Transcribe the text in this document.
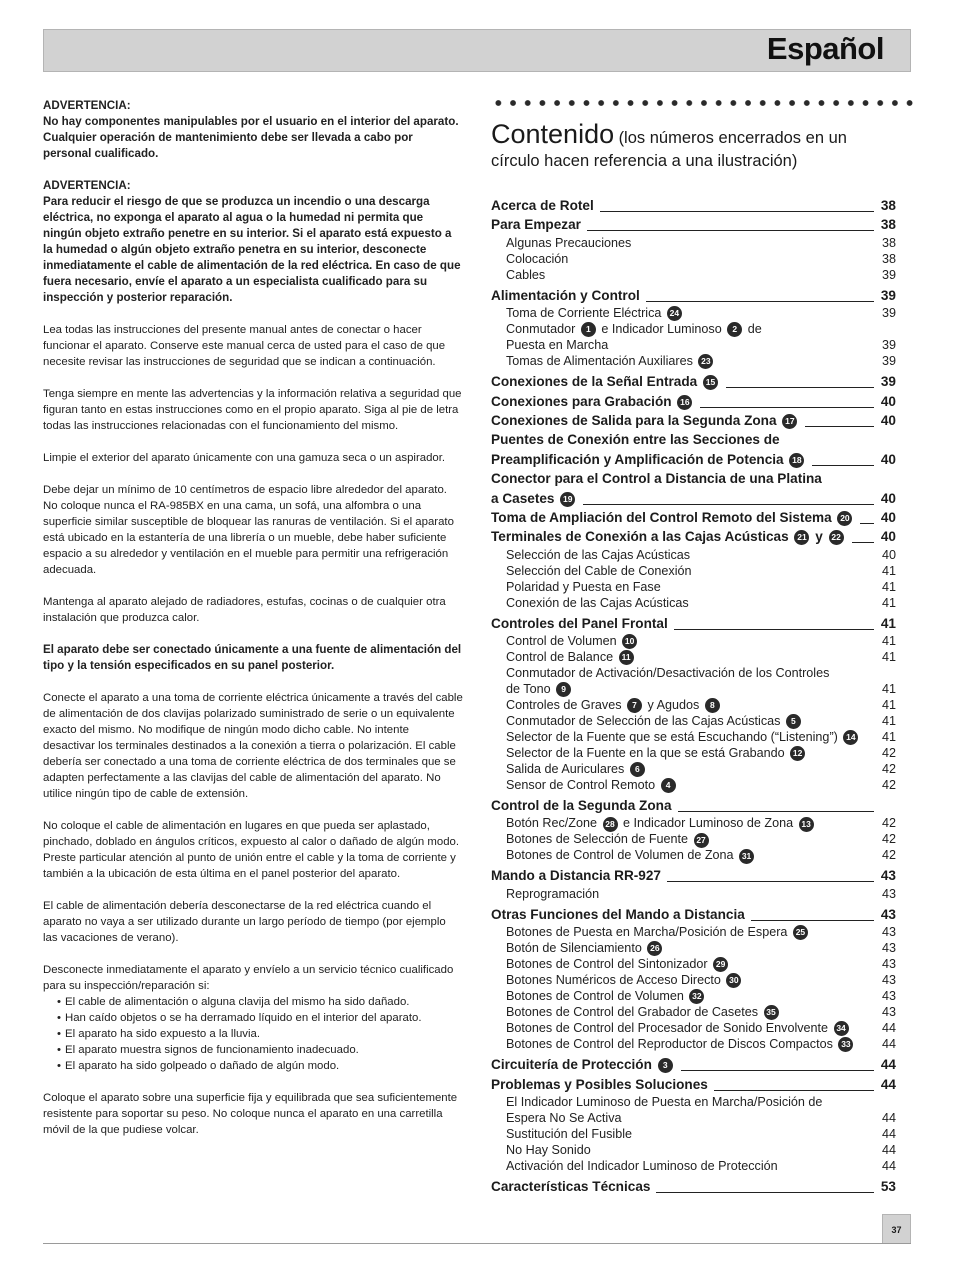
Español

ADVERTENCIA:
No hay componentes manipulables por el usuario en el interior del aparato. Cualquier operación de mantenimiento debe ser llevada a cabo por personal cualificado.

ADVERTENCIA:
Para reducir el riesgo de que se produzca un incendio o una descarga eléctrica, no exponga el aparato al agua o la humedad ni permita que ningún objeto extraño penetre en su interior. Si el aparato está expuesto a la humedad o algún objeto extraño penetra en su interior, desconecte inmediatamente el cable de alimentación de la red eléctrica. En caso de que fuera necesario, envíe el aparato a un especialista cualificado para su inspección y posterior reparación.

Lea todas las instrucciones del presente manual antes de conectar o hacer funcionar el aparato. Conserve este manual cerca de usted para el caso de que necesite revisar las instrucciones de seguridad que se indican a continuación.

Tenga siempre en mente las advertencias y la información relativa a seguridad que figuran tanto en estas instrucciones como en el propio aparato. Siga al pie de letra todas las instrucciones relacionadas con el funcionamiento del mismo.

Limpie el exterior del aparato únicamente con una gamuza seca o un aspirador.

Debe dejar un mínimo de 10 centímetros de espacio libre alrededor del aparato. No coloque nunca el RA-985BX en una cama, un sofá, una alfombra o una superficie similar susceptible de bloquear las ranuras de ventilación. Si el aparato está ubicado en la estantería de una librería o un mueble, debe haber suficiente espacio a su alrededor y ventilación en el mueble para permitir una refrigeración adecuada.

Mantenga al aparato alejado de radiadores, estufas, cocinas o de cualquier otra instalación que produzca calor.

El aparato debe ser conectado únicamente a una fuente de alimentación del tipo y la tensión especificados en su panel posterior.

Conecte el aparato a una toma de corriente eléctrica únicamente a través del cable de alimentación de dos clavijas polarizado suministrado de serie o un equivalente exacto del mismo. No modifique de ningún modo dicho cable. No intente desactivar los terminales destinados a la conexión a tierra o polarización. El cable debería ser conectado a una toma de corriente eléctrica de dos terminales que se adapten perfectamente a las clavijas del cable de alimentación del aparato. No utilice ningún tipo de cable de extensión.

No coloque el cable de alimentación en lugares en que pueda ser aplastado, pinchado, doblado en ángulos críticos, expuesto al calor o dañado de algún modo. Preste particular atención al punto de unión entre el cable y la toma de corriente y también a la ubicación de esta última en el panel posterior del aparato.

El cable de alimentación debería desconectarse de la red eléctrica cuando el aparato no vaya a ser utilizado durante un largo período de tiempo (por ejemplo las vacaciones de verano).

Desconecte inmediatamente el aparato y envíelo a un servicio técnico cualificado para su inspección/reparación si:
• El cable de alimentación o alguna clavija del mismo ha sido dañado.
• Han caído objetos o se ha derramado líquido en el interior del aparato.
• El aparato ha sido expuesto a la lluvia.
• El aparato muestra signos de funcionamiento inadecuado.
• El aparato ha sido golpeado o dañado de algún modo.

Coloque el aparato sobre una superficie fija y equilibrada que sea suficientemente resistente para soportar su peso. No coloque nunca el aparato en una carretilla móvil de la que pudiese volcar.

Contenido (los números encerrados en un círculo hacen referencia a una ilustración)
Acerca de Rotel	38
Para Empezar	38
Algunas Precauciones	38
Colocación	38
Cables	39
Alimentación y Control	39
Toma de Corriente Eléctrica 24	39
Conmutador 1 e Indicador Luminoso 2 de
Puesta en Marcha	39
Tomas de Alimentación Auxiliares 23	39
Conexiones de la Señal Entrada 15	39
Conexiones para Grabación 16	40
Conexiones de Salida para la Segunda Zona 17	40
Puentes de Conexión entre las Secciones de
Preamplificación y Amplificación de Potencia 18	40
Conector para el Control a Distancia de una Platina
a Casetes 19	40
Toma de Ampliación del Control Remoto del Sistema 20	40
Terminales de Conexión a las Cajas Acústicas 21 y 22	40
Selección de las Cajas Acústicas	40
Selección del Cable de Conexión	41
Polaridad y Puesta en Fase	41
Conexión de las Cajas Acústicas	41
Controles del Panel Frontal	41
Control de Volumen 10	41
Control de Balance 11	41
Conmutador de Activación/Desactivación de los Controles
de Tono 9	41
Controles de Graves 7 y Agudos 8	41
Conmutador de Selección de las Cajas Acústicas 5	41
Selector de la Fuente que se está Escuchando (“Listening”) 14	41
Selector de la Fuente en la que se está Grabando 12	42
Salida de Auriculares 6	42
Sensor de Control Remoto 4	42
Control de la Segunda Zona
Botón Rec/Zone 28 e Indicador Luminoso de Zona 13	42
Botones de Selección de Fuente 27	42
Botones de Control de Volumen de Zona 31	42
Mando a Distancia RR-927	43
Reprogramación	43
Otras Funciones del Mando a Distancia	43
Botones de Puesta en Marcha/Posición de Espera 25	43
Botón de Silenciamiento 26	43
Botones de Control del Sintonizador 29	43
Botones Numéricos de Acceso Directo 30	43
Botones de Control de Volumen 32	43
Botones de Control del Grabador de Casetes 35	43
Botones de Control del Procesador de Sonido Envolvente 34	44
Botones de Control del Reproductor de Discos Compactos 33	44
Circuitería de Protección 3	44
Problemas y Posibles Soluciones	44
El Indicador Luminoso de Puesta en Marcha/Posición de
Espera No Se Activa	44
Sustitución del Fusible	44
No Hay Sonido	44
Activación del Indicador Luminoso de Protección	44
Características Técnicas	53
37
